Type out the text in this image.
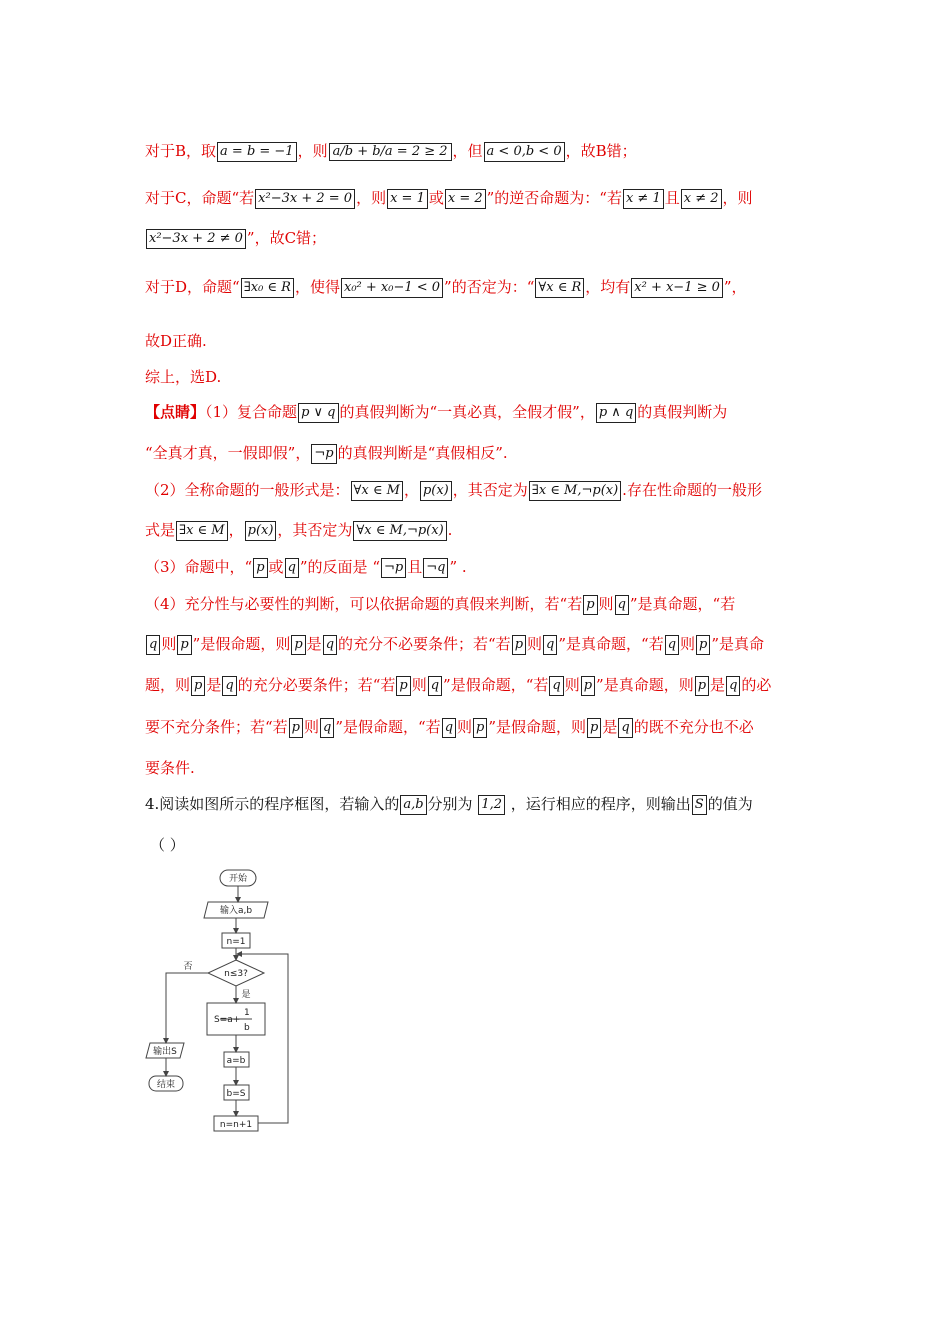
对于B，取 a = b = −1 ，则 a/b + b/a = 2 ≥ 2 ，但 a < 0,b < 0 ，故B错；
对于C，命题“若 x²−3x + 2 = 0 ，则 x = 1 或 x = 2 ”的逆否命题为：“若 x ≠ 1 且 x ≠ 2 ，则
x²−3x + 2 ≠ 0 ”，故C错；
对于D，命题“ ∃x₀ ∈ R ，使得 x₀² + x₀−1 < 0 ”的否定为：“ ∀x ∈ R ，均有 x² + x−1 ≥ 0 ”，
故D正确.
综上，选D.
【点睛】（1）复合命题 p ∨ q 的真假判断为“一真必真，全假才假”， p ∧ q 的真假判断为
“全真才真，一假即假”， ¬p 的真假判断是“真假相反”.
（2）全称命题的一般形式是： ∀x ∈ M ， p(x) ，其否定为 ∃x ∈ M,¬p(x) .存在性命题的一般形
式是 ∃x ∈ M ， p(x) ，其否定为 ∀x ∈ M,¬p(x) .
（3）命题中，“ p 或 q ”的反面是 “ ¬p 且 ¬q ” .
（4）充分性与必要性的判断，可以依据命题的真假来判断，若“若 p 则 q ”是真命题，“若
q 则 p ”是假命题，则 p 是 q 的充分不必要条件；若“若 p 则 q ”是真命题，“若 q 则 p ”是真命
题，则 p 是 q 的充分必要条件；若“若 p 则 q ”是假命题，“若 q 则 p ”是真命题，则 p 是 q 的必
要不充分条件；若“若 p 则 q ”是假命题，“若 q 则 p ”是假命题，则 p 是 q 的既不充分也不必
要条件.
4.阅读如图所示的程序框图，若输入的 a,b 分别为 1,2 ，运行相应的程序，则输出 S 的值为
（ ）
开始
输入a,b
n=1
n≤3?
否
是
S=a+
1
b
a=b
b=S
n=n+1
输出S
结束
